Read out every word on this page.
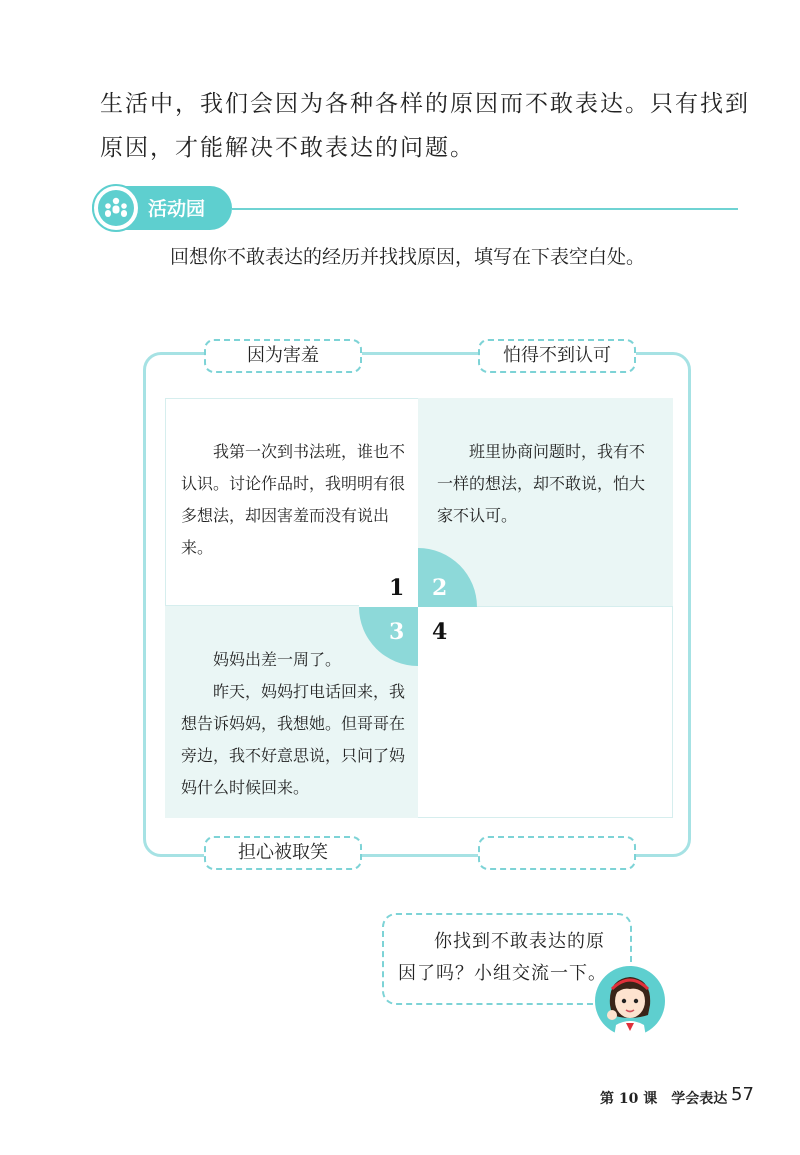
生活中，我们会因为各种各样的原因而不敢表达。只有找到原因，才能解决不敢表达的问题。

活动园

回想你不敢表达的经历并找找原因，填写在下表空白处。

因为害羞	怕得不到认可
担心被取笑

我第一次到书法班，谁也不认识。讨论作品时，我明明有很多想法，却因害羞而没有说出来。

班里协商问题时，我有不一样的想法，却不敢说，怕大家不认可。

妈妈出差一周了。
昨天，妈妈打电话回来，我想告诉妈妈，我想她。但哥哥在旁边，我不好意思说，只问了妈妈什么时候回来。

1 2
3 4

你找到不敢表达的原因了吗？小组交流一下。

第 10 课　学会表达 57
